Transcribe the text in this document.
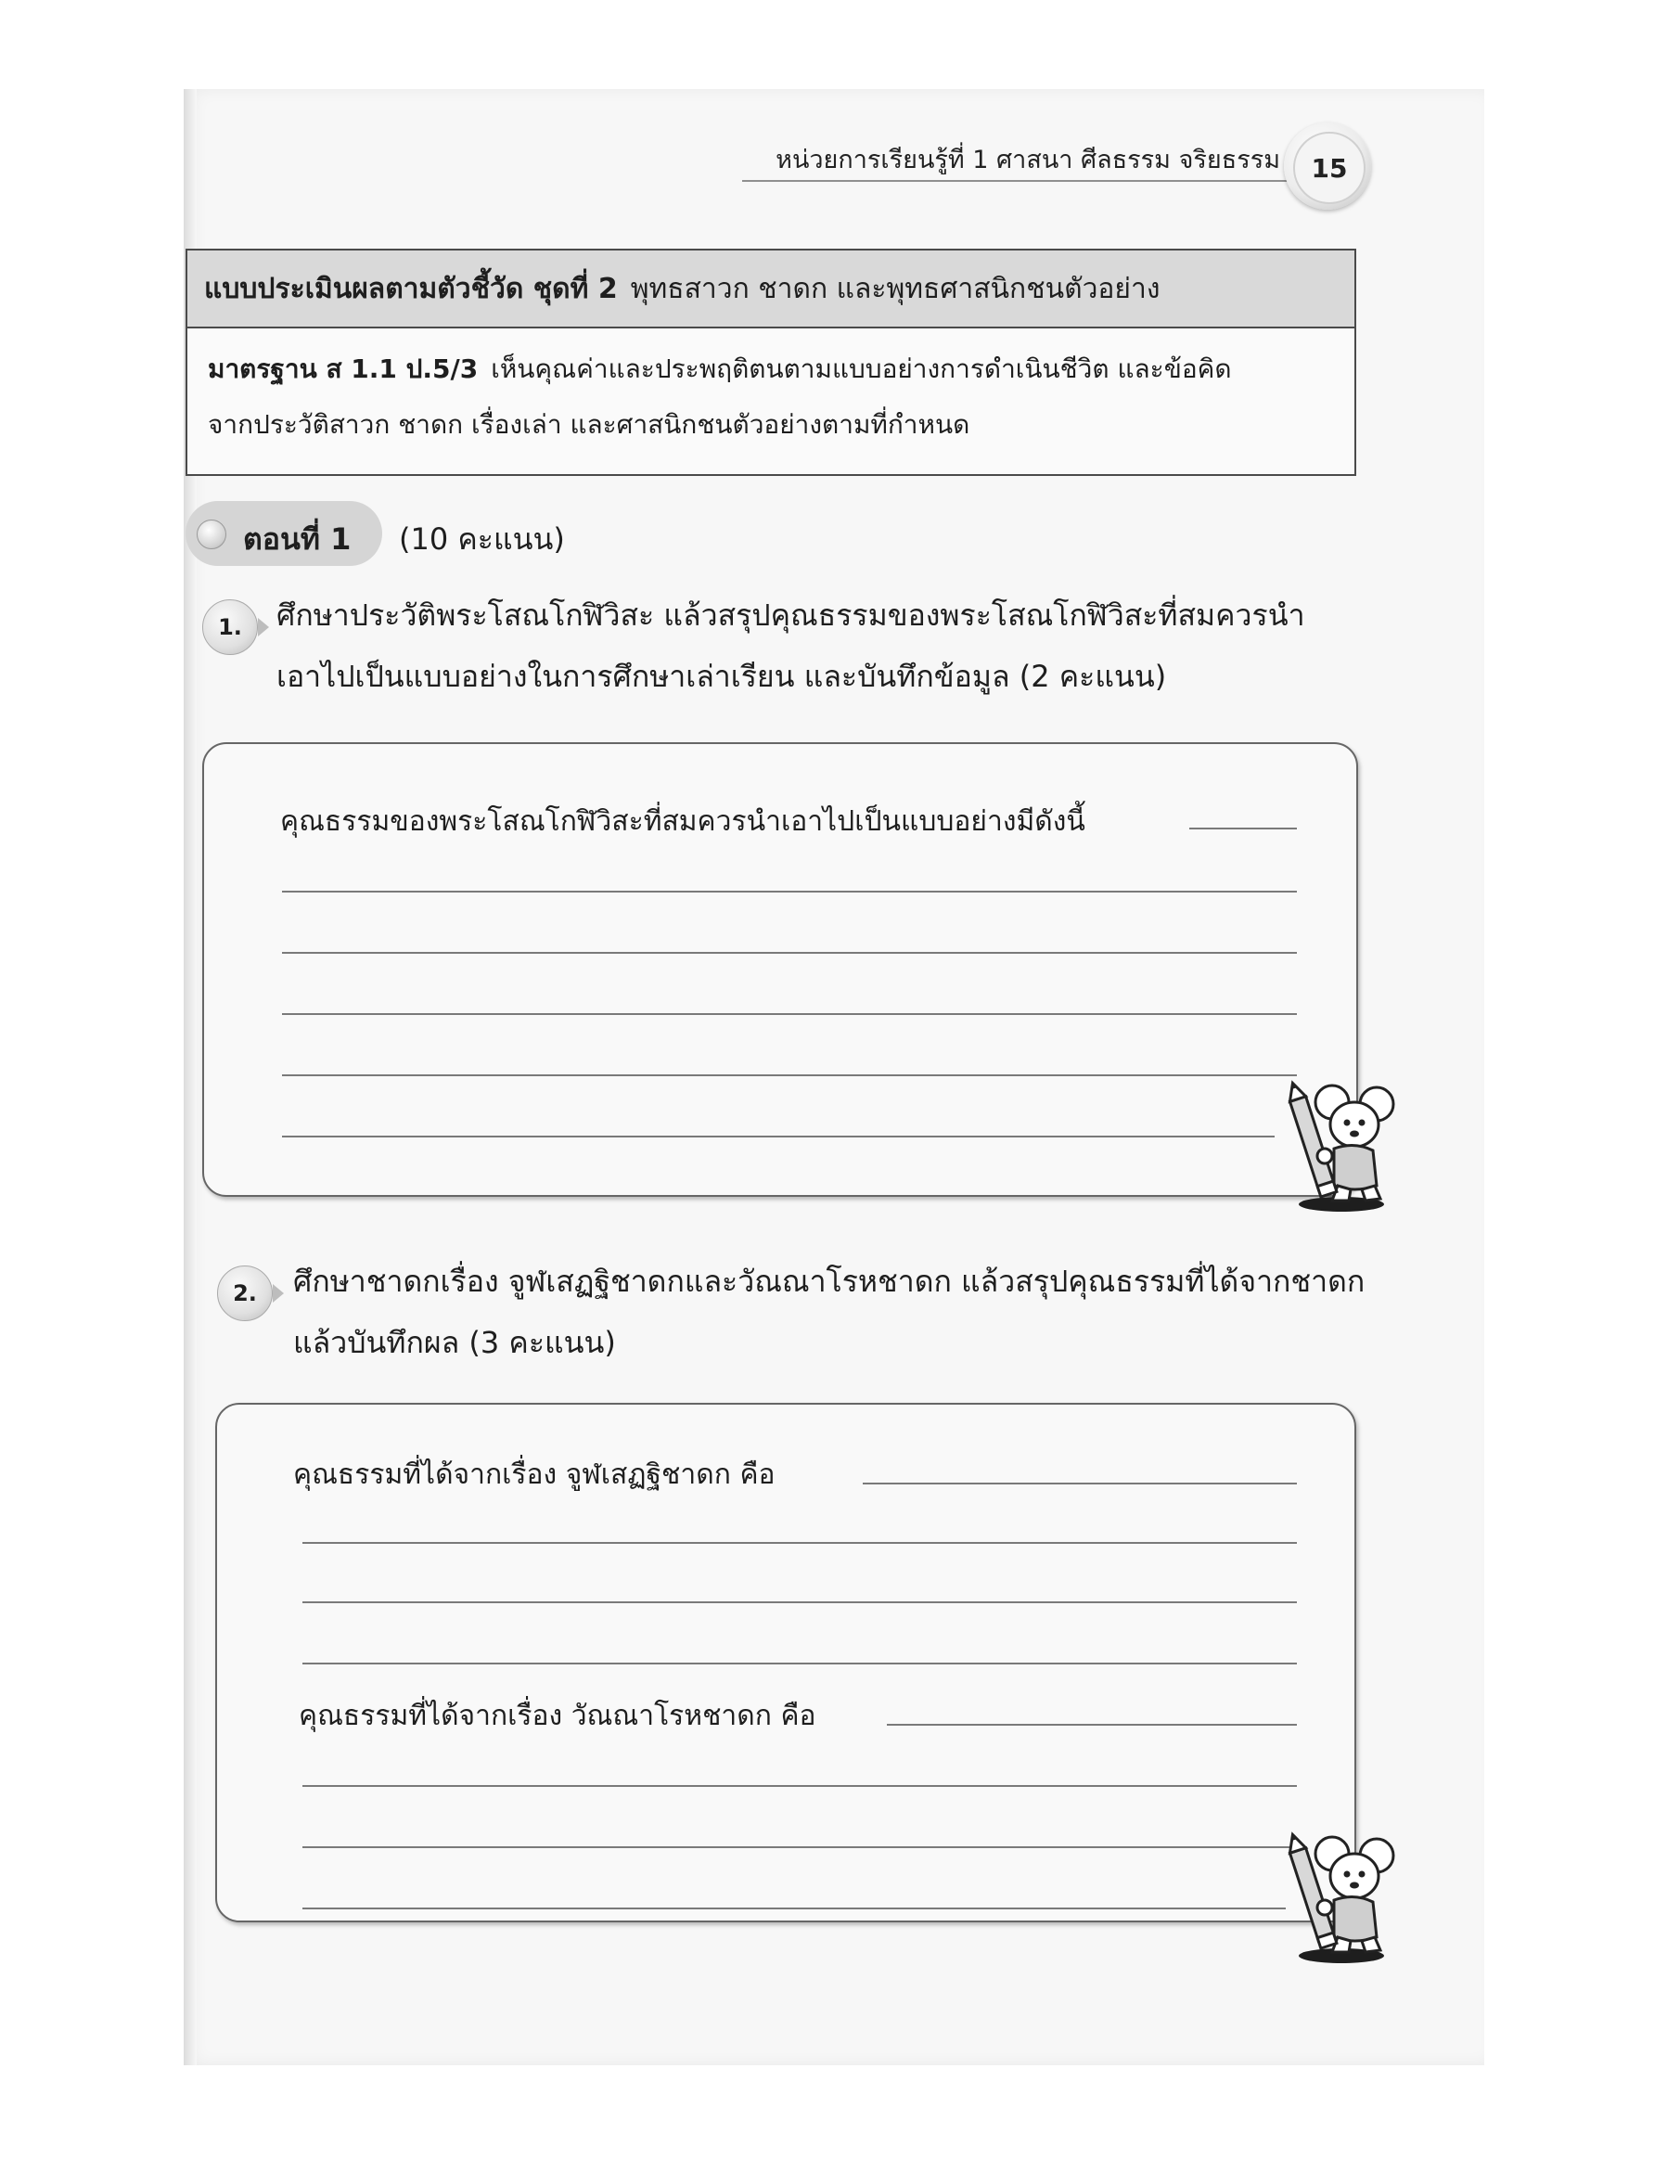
หน่วยการเรียนรู้ที่ 1 ศาสนา ศีลธรรม จริยธรรม	15
แบบประเมินผลตามตัวชี้วัด ชุดที่ 2 พุทธสาวก ชาดก และพุทธศาสนิกชนตัวอย่าง
มาตรฐาน ส 1.1 ป.5/3 เห็นคุณค่าและประพฤติตนตามแบบอย่างการดำเนินชีวิต และข้อคิด
จากประวัติสาวก ชาดก เรื่องเล่า และศาสนิกชนตัวอย่างตามที่กำหนด
ตอนที่ 1 (10 คะแนน)
1.	ศึกษาประวัติพระโสณโกฬิวิสะ แล้วสรุปคุณธรรมของพระโสณโกฬิวิสะที่สมควรนำ
เอาไปเป็นแบบอย่างในการศึกษาเล่าเรียน และบันทึกข้อมูล (2 คะแนน)
คุณธรรมของพระโสณโกฬิวิสะที่สมควรนำเอาไปเป็นแบบอย่างมีดังนี้
2.	ศึกษาชาดกเรื่อง จูฬเสฏฐิชาดกและวัณณาโรหชาดก แล้วสรุปคุณธรรมที่ได้จากชาดก
แล้วบันทึกผล (3 คะแนน)
คุณธรรมที่ได้จากเรื่อง จูฬเสฏฐิชาดก คือ
คุณธรรมที่ได้จากเรื่อง วัณณาโรหชาดก คือ
